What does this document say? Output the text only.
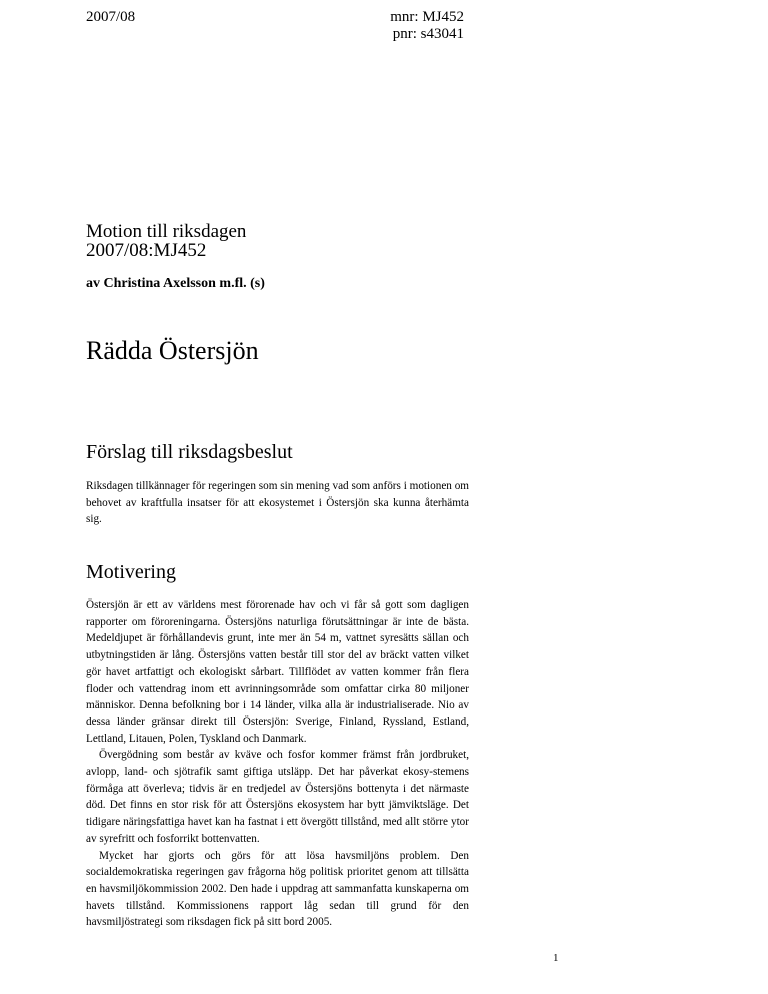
2007/08	mnr: MJ452
pnr: s43041
Motion till riksdagen
2007/08:MJ452
av Christina Axelsson m.fl. (s)
Rädda Östersjön
Förslag till riksdagsbeslut

Riksdagen tillkännager för regeringen som sin mening vad som anförs i motionen om behovet av kraftfulla insatser för att ekosystemet i Östersjön ska kunna återhämta sig.

Motivering

Östersjön är ett av världens mest förorenade hav och vi får så gott som dagligen rapporter om föroreningarna. Östersjöns naturliga förutsättningar är inte de bästa. Medeldjupet är förhållandevis grunt, inte mer än 54 m, vattnet syresätts sällan och utbytningstiden är lång. Östersjöns vatten består till stor del av bräckt vatten vilket gör havet artfattigt och ekologiskt sårbart. Tillflödet av vatten kommer från flera floder och vattendrag inom ett avrinningsområde som omfattar cirka 80 miljoner människor. Denna befolkning bor i 14 länder, vilka alla är industrialiserade. Nio av dessa länder gränsar direkt till Östersjön: Sverige, Finland, Ryssland, Estland, Lettland, Litauen, Polen, Tyskland och Danmark.

Övergödning som består av kväve och fosfor kommer främst från jordbruket, avlopp, land- och sjötrafik samt giftiga utsläpp. Det har påverkat ekosy-stemens förmåga att överleva; tidvis är en tredjedel av Östersjöns bottenyta i det närmaste död. Det finns en stor risk för att Östersjöns ekosystem har bytt jämviktsläge. Det tidigare näringsfattiga havet kan ha fastnat i ett övergött tillstånd, med allt större ytor av syrefritt och fosforrikt bottenvatten.

Mycket har gjorts och görs för att lösa havsmiljöns problem. Den socialdemokratiska regeringen gav frågorna hög politisk prioritet genom att tillsätta en havsmiljökommission 2002. Den hade i uppdrag att sammanfatta kunskaperna om havets tillstånd. Kommissionens rapport låg sedan till grund för den havsmiljöstrategi som riksdagen fick på sitt bord 2005.

1
